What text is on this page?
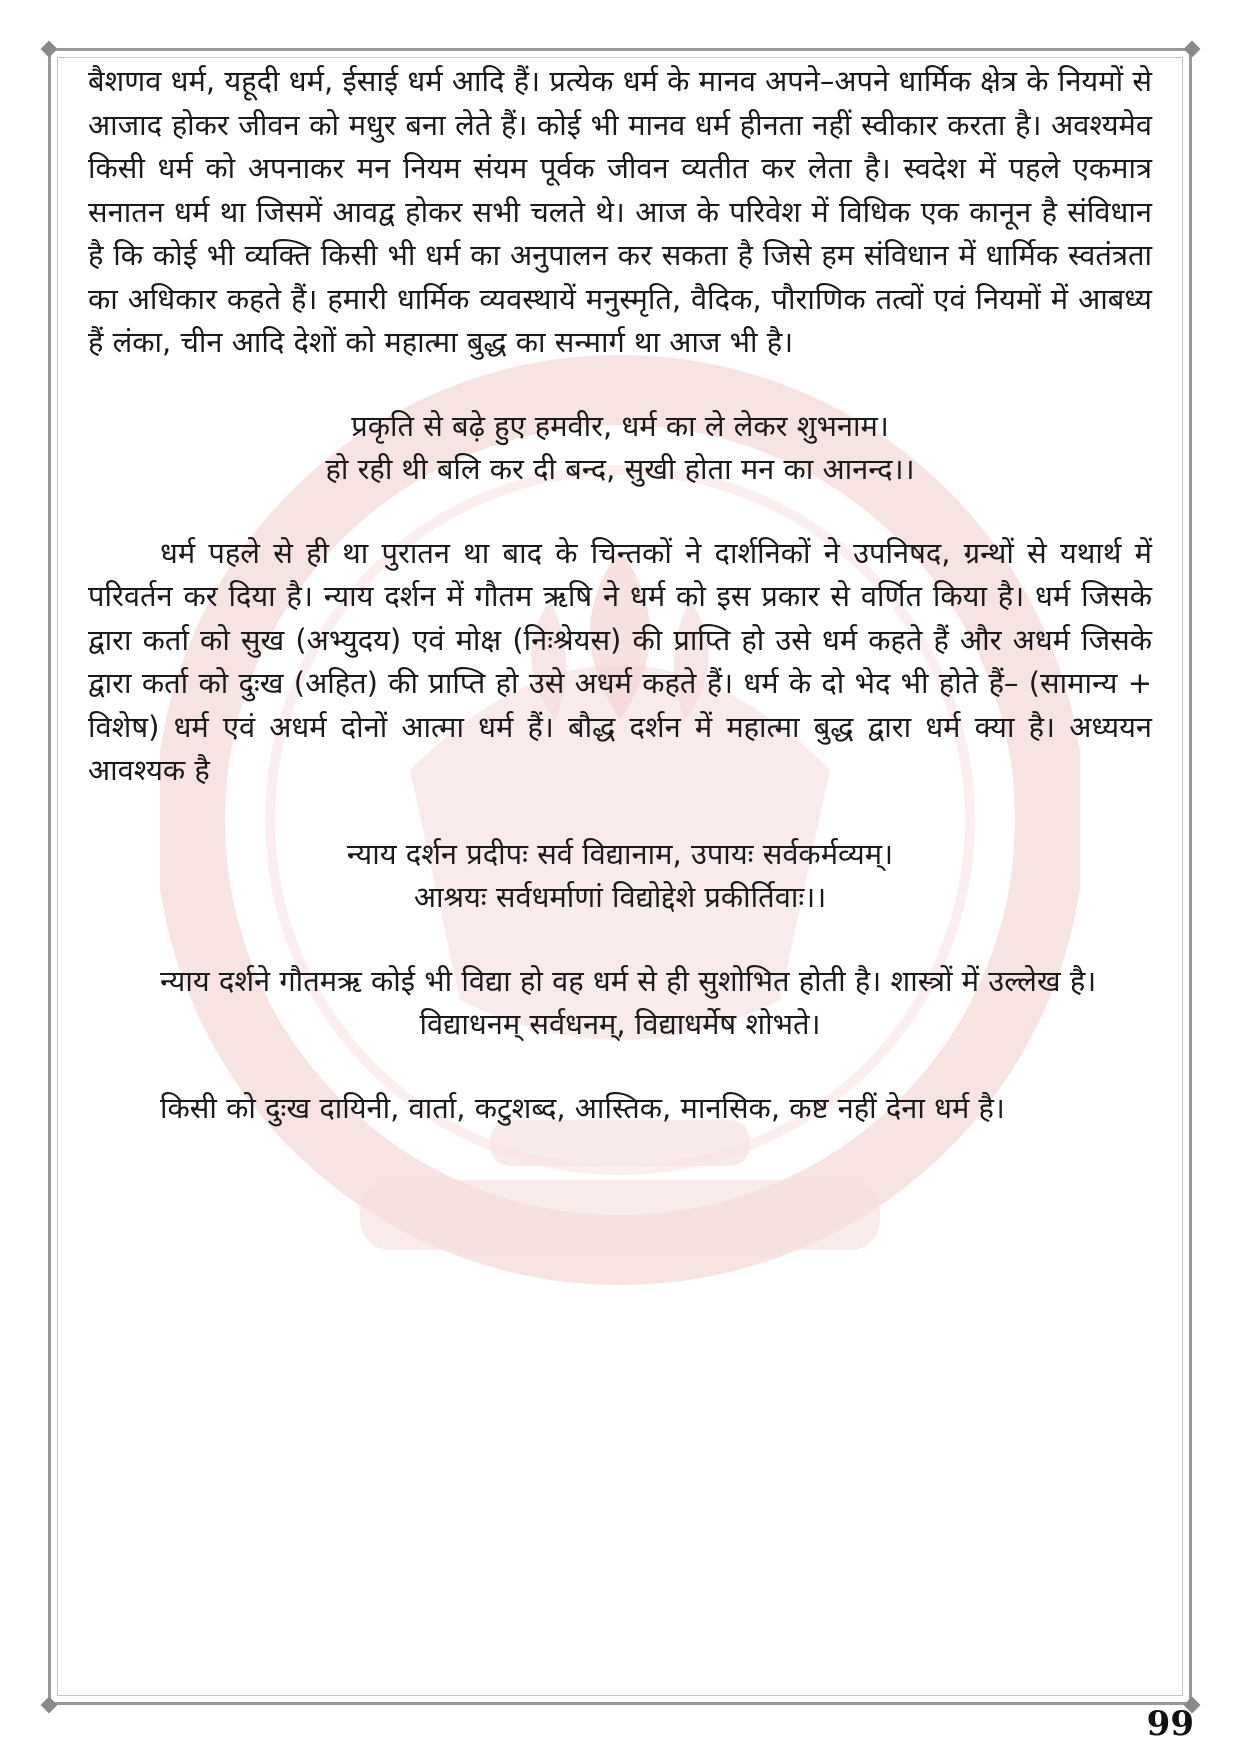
बैशणव धर्म, यहूदी धर्म, ईसाई धर्म आदि हैं। प्रत्येक धर्म के मानव अपने–अपने धार्मिक क्षेत्र के नियमों से आजाद होकर जीवन को मधुर बना लेते हैं। कोई भी मानव धर्म हीनता नहीं स्वीकार करता है। अवश्यमेव किसी धर्म को अपनाकर मन नियम संयम पूर्वक जीवन व्यतीत कर लेता है। स्वदेश में पहले एकमात्र सनातन धर्म था जिसमें आवद्व होकर सभी चलते थे। आज के परिवेश में विधिक एक कानून है संविधान है कि कोई भी व्यक्ति किसी भी धर्म का अनुपालन कर सकता है जिसे हम संविधान में धार्मिक स्वतंत्रता का अधिकार कहते हैं। हमारी धार्मिक व्यवस्थायें मनुस्मृति, वैदिक, पौराणिक तत्वों एवं नियमों में आबध्य हैं लंका, चीन आदि देशों को महात्मा बुद्ध का सन्मार्ग था आज भी है।

प्रकृति से बढ़े हुए हमवीर, धर्म का ले लेकर शुभनाम।

हो रही थी बलि कर दी बन्द, सुखी होता मन का आनन्द।।

धर्म पहले से ही था पुरातन था बाद के चिन्तकों ने दार्शनिकों ने उपनिषद, ग्रन्थों से यथार्थ में परिवर्तन कर दिया है। न्याय दर्शन में गौतम ऋषि ने धर्म को इस प्रकार से वर्णित किया है। धर्म जिसके द्वारा कर्ता को सुख (अभ्युदय) एवं मोक्ष (निःश्रेयस) की प्राप्ति हो उसे धर्म कहते हैं और अधर्म जिसके द्वारा कर्ता को दुःख (अहित) की प्राप्ति हो उसे अधर्म कहते हैं। धर्म के दो भेद भी होते हैं– (सामान्य + विशेष) धर्म एवं अधर्म दोनों आत्मा धर्म हैं। बौद्ध दर्शन में महात्मा बुद्ध द्वारा धर्म क्या है। अध्ययन आवश्यक है

न्याय दर्शन प्रदीपः सर्व विद्यानाम, उपायः सर्वकर्मव्यम्।

आश्रयः सर्वधर्माणां विद्योद्देशे प्रकीर्तिवाः।।

न्याय दर्शने गौतमऋ कोई भी विद्या हो वह धर्म से ही सुशोभित होती है। शास्त्रों में उल्लेख है।

विद्याधनम् सर्वधनम्, विद्याधर्मेष शोभते।

किसी को दुःख दायिनी, वार्ता, कटुशब्द, आस्तिक, मानसिक, कष्ट नहीं देना धर्म है।

99
